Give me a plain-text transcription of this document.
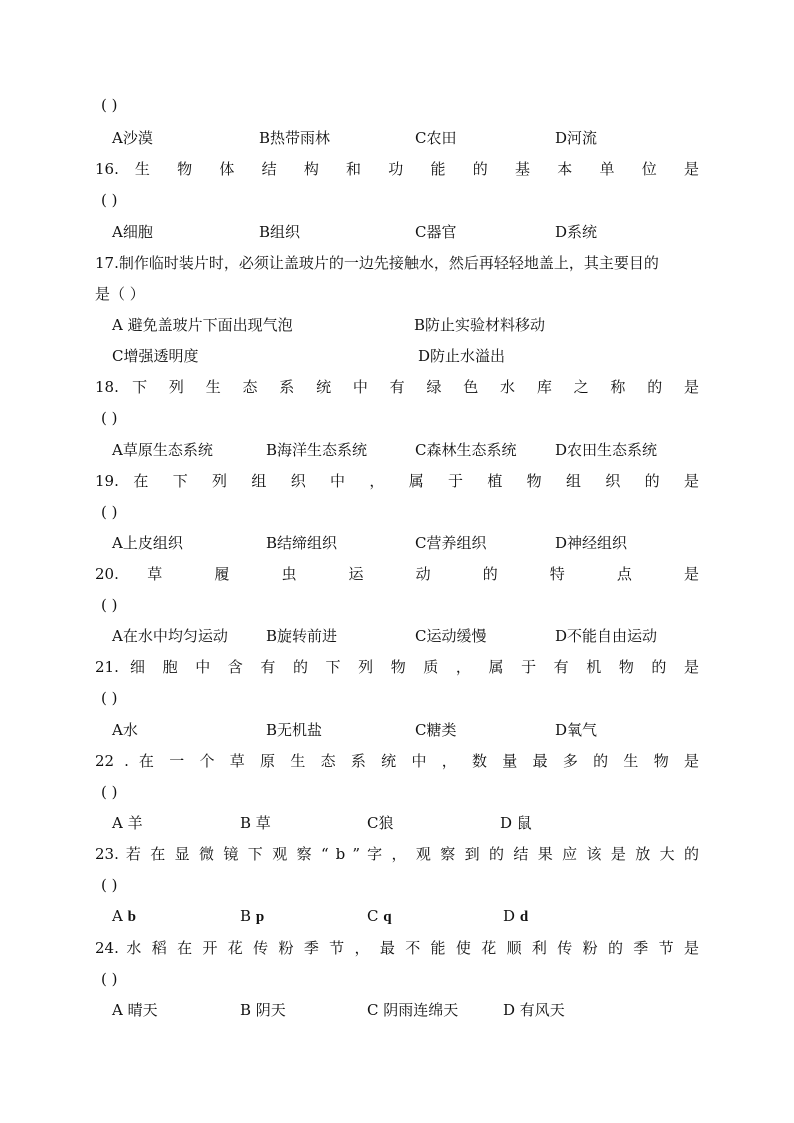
( )
A沙漠	B热带雨林	C农田	D河流
16. 生 物 体 结 构 和 功 能 的 基 本 单 位 是
( )
A细胞	B组织	C器官	D系统
17.制作临时装片时，必须让盖玻片的一边先接触水，然后再轻轻地盖上，其主要目的
是（ ）
A 避免盖玻片下面出现气泡	B防止实验材料移动
C增强透明度	D防止水溢出
18. 下 列 生 态 系 统 中 有 绿 色 水 库 之 称 的 是
( )
A草原生态系统	B海洋生态系统	C森林生态系统	D农田生态系统
19. 在 下 列 组 织 中 ， 属 于 植 物 组 织 的 是
( )
A上皮组织	B结缔组织	C营养组织	D神经组织
20. 草 履 虫 运 动 的 特 点 是
( )
A在水中均匀运动	B旋转前进	C运动缓慢	D不能自由运动
21. 细 胞 中 含 有 的 下 列 物 质 ， 属 于 有 机 物 的 是
( )
A水	B无机盐	C糖类	D氧气
22 . 在 一 个 草 原 生 态 系 统 中 ， 数 量 最 多 的 生 物 是
( )
A 羊	B 草	C狼	D 鼠
23. 若 在 显 微 镜 下 观 察 “ b ” 字 ， 观 察 到 的 结 果 应 该 是 放 大 的
( )
A b	B p	C q	D d
24. 水 稻 在 开 花 传 粉 季 节 ， 最 不 能 使 花 顺 利 传 粉 的 季 节 是
( )
A 晴天	B 阴天	C 阴雨连绵天	D 有风天
